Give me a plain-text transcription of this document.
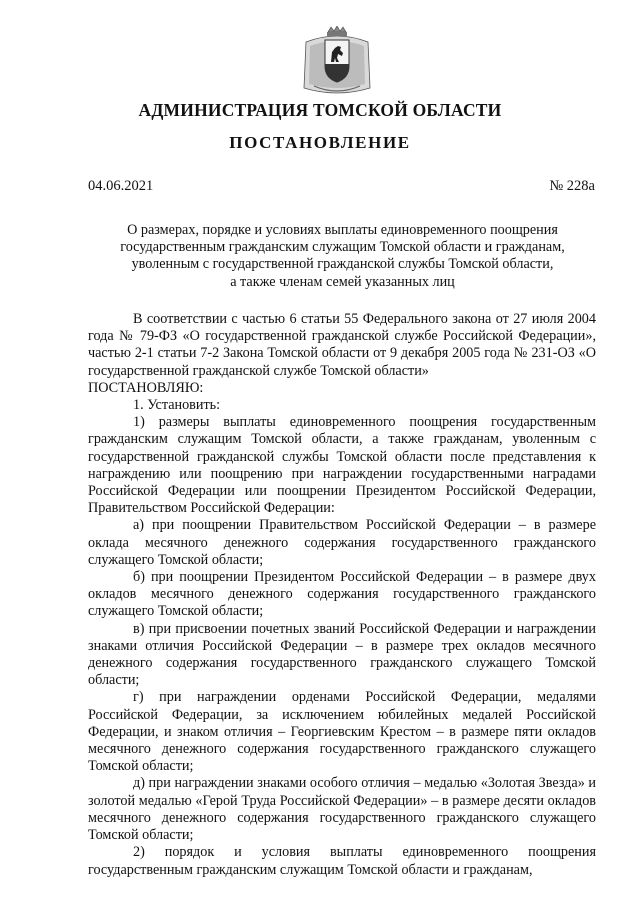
АДМИНИСТРАЦИЯ ТОМСКОЙ ОБЛАСТИ
ПОСТАНОВЛЕНИЕ
04.06.2021	№ 228а
О размерах, порядке и условиях выплаты единовременного поощрения
государственным гражданским служащим Томской области и гражданам,
уволенным с государственной гражданской службы Томской области,
а также членам семей указанных лиц

В соответствии с частью 6 статьи 55 Федерального закона от 27 июля 2004 года № 79-ФЗ «О государственной гражданской службе Российской Федерации», частью 2-1 статьи 7-2 Закона Томской области от 9 декабря 2005 года № 231-ОЗ «О государственной гражданской службе Томской области»

ПОСТАНОВЛЯЮ:

1. Установить:

1) размеры выплаты единовременного поощрения государственным гражданским служащим Томской области, а также гражданам, уволенным с государственной гражданской службы Томской области после представления к награждению или поощрению при награждении государственными наградами Российской Федерации или поощрении Президентом Российской Федерации, Правительством Российской Федерации:

а) при поощрении Правительством Российской Федерации – в размере оклада месячного денежного содержания государственного гражданского служащего Томской области;

б) при поощрении Президентом Российской Федерации – в размере двух окладов месячного денежного содержания государственного гражданского служащего Томской области;

в) при присвоении почетных званий Российской Федерации и награждении знаками отличия Российской Федерации – в размере трех окладов месячного денежного содержания государственного гражданского служащего Томской области;

г) при награждении орденами Российской Федерации, медалями Российской Федерации, за исключением юбилейных медалей Российской Федерации, и знаком отличия – Георгиевским Крестом – в размере пяти окладов месячного денежного содержания государственного гражданского служащего Томской области;

д) при награждении знаками особого отличия – медалью «Золотая Звезда» и золотой медалью «Герой Труда Российской Федерации» – в размере десяти окладов месячного денежного содержания государственного гражданского служащего Томской области;

2) порядок и условия выплаты единовременного поощрения государственным гражданским служащим Томской области и гражданам,
